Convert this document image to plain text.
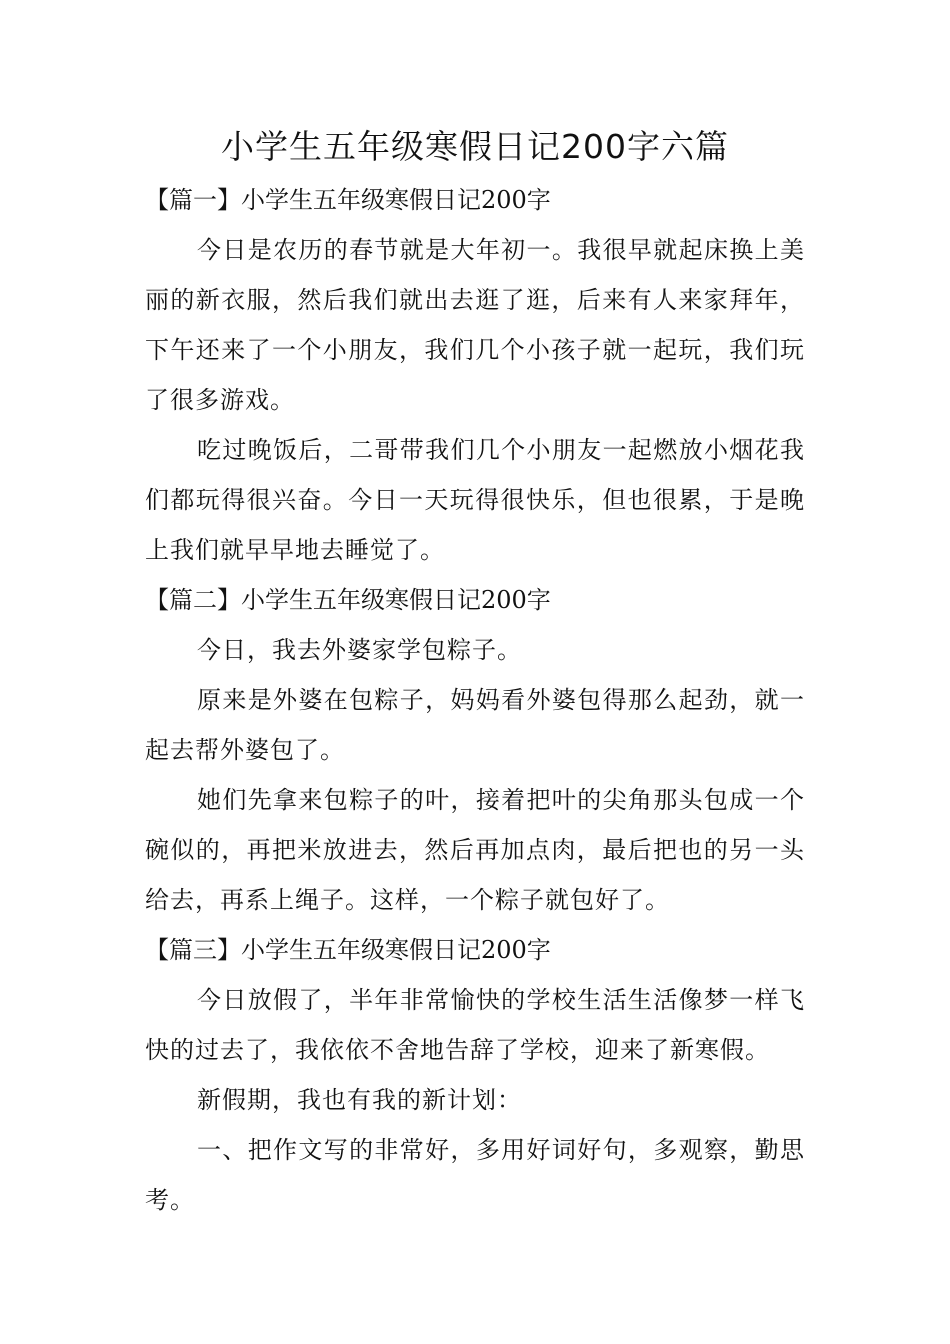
小学生五年级寒假日记200字六篇

【篇一】小学生五年级寒假日记200字

今日是农历的春节就是大年初一。我很早就起床换上美丽的新衣服，然后我们就出去逛了逛，后来有人来家拜年，下午还来了一个小朋友，我们几个小孩子就一起玩，我们玩了很多游戏。

吃过晚饭后，二哥带我们几个小朋友一起燃放小烟花我们都玩得很兴奋。今日一天玩得很快乐，但也很累，于是晚上我们就早早地去睡觉了。

【篇二】小学生五年级寒假日记200字

今日，我去外婆家学包粽子。

原来是外婆在包粽子，妈妈看外婆包得那么起劲，就一起去帮外婆包了。

她们先拿来包粽子的叶，接着把叶的尖角那头包成一个碗似的，再把米放进去，然后再加点肉，最后把也的另一头给去，再系上绳子。这样，一个粽子就包好了。

【篇三】小学生五年级寒假日记200字

今日放假了，半年非常愉快的学校生活生活像梦一样飞快的过去了，我依依不舍地告辞了学校，迎来了新寒假。

新假期，我也有我的新计划：

一、把作文写的非常好，多用好词好句，多观察，勤思考。
